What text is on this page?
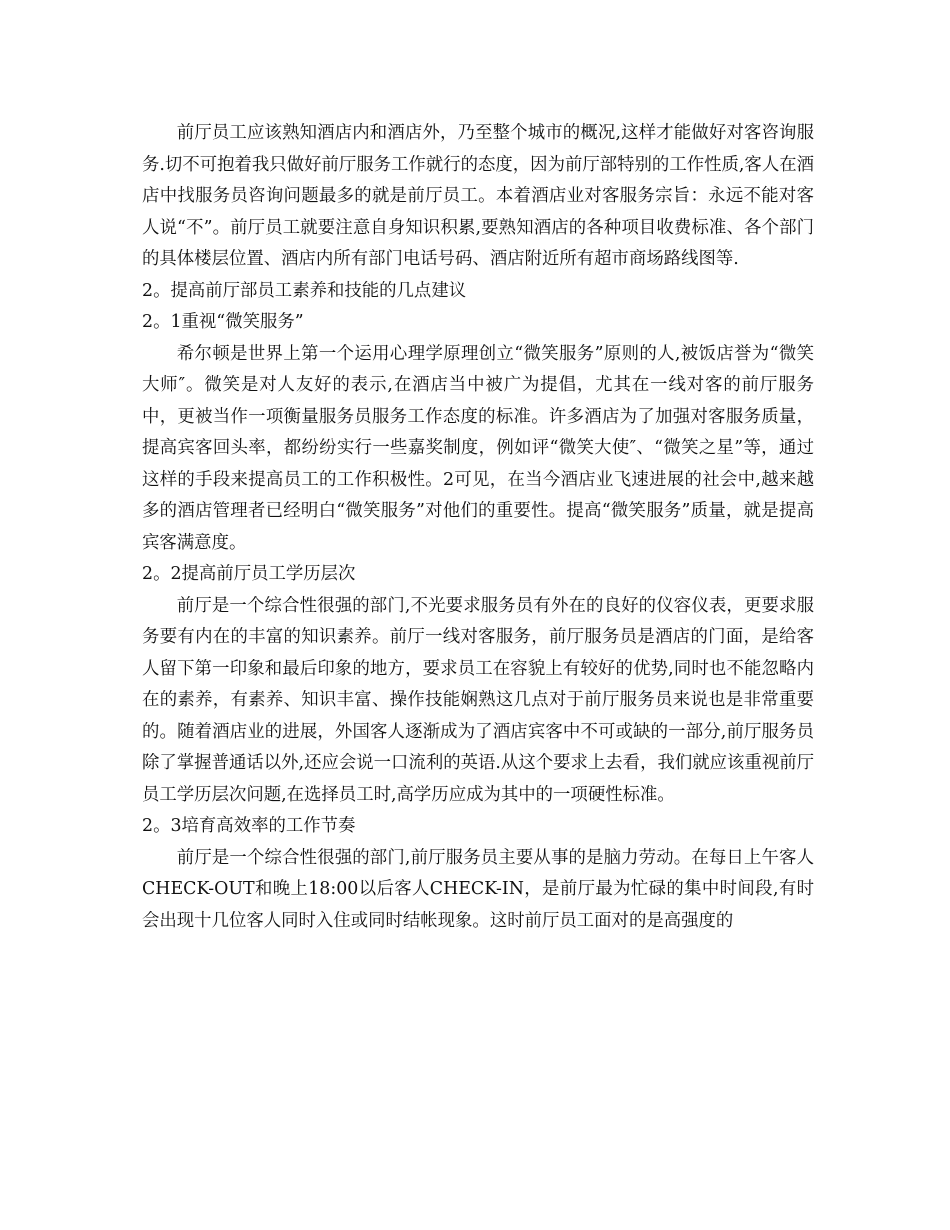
前厅员工应该熟知酒店内和酒店外，乃至整个城市的概况,这样才能做好对客咨询服务.切不可抱着我只做好前厅服务工作就行的态度，因为前厅部特别的工作性质,客人在酒店中找服务员咨询问题最多的就是前厅员工。本着酒店业对客服务宗旨：永远不能对客人说“不”。前厅员工就要注意自身知识积累,要熟知酒店的各种项目收费标准、各个部门的具体楼层位置、酒店内所有部门电话号码、酒店附近所有超市商场路线图等.

2。提高前厅部员工素养和技能的几点建议

2。1重视“微笑服务”

希尔顿是世界上第一个运用心理学原理创立“微笑服务”原则的人,被饭店誉为“微笑大师″。微笑是对人友好的表示,在酒店当中被广为提倡，尤其在一线对客的前厅服务中，更被当作一项衡量服务员服务工作态度的标准。许多酒店为了加强对客服务质量，提高宾客回头率，都纷纷实行一些嘉奖制度，例如评“微笑大使″、“微笑之星”等，通过这样的手段来提高员工的工作积极性。2可见，在当今酒店业飞速进展的社会中,越来越多的酒店管理者已经明白“微笑服务”对他们的重要性。提高“微笑服务”质量，就是提高宾客满意度。

2。2提高前厅员工学历层次

前厅是一个综合性很强的部门,不光要求服务员有外在的良好的仪容仪表，更要求服务要有内在的丰富的知识素养。前厅一线对客服务，前厅服务员是酒店的门面，是给客人留下第一印象和最后印象的地方，要求员工在容貌上有较好的优势,同时也不能忽略内在的素养，有素养、知识丰富、操作技能娴熟这几点对于前厅服务员来说也是非常重要的。随着酒店业的进展，外国客人逐渐成为了酒店宾客中不可或缺的一部分,前厅服务员除了掌握普通话以外,还应会说一口流利的英语.从这个要求上去看，我们就应该重视前厅员工学历层次问题,在选择员工时,高学历应成为其中的一项硬性标准。

2。3培育高效率的工作节奏

前厅是一个综合性很强的部门,前厅服务员主要从事的是脑力劳动。在每日上午客人CHECK-OUT和晚上18:00以后客人CHECK-IN，是前厅最为忙碌的集中时间段,有时会出现十几位客人同时入住或同时结帐现象。这时前厅员工面对的是高强度的
